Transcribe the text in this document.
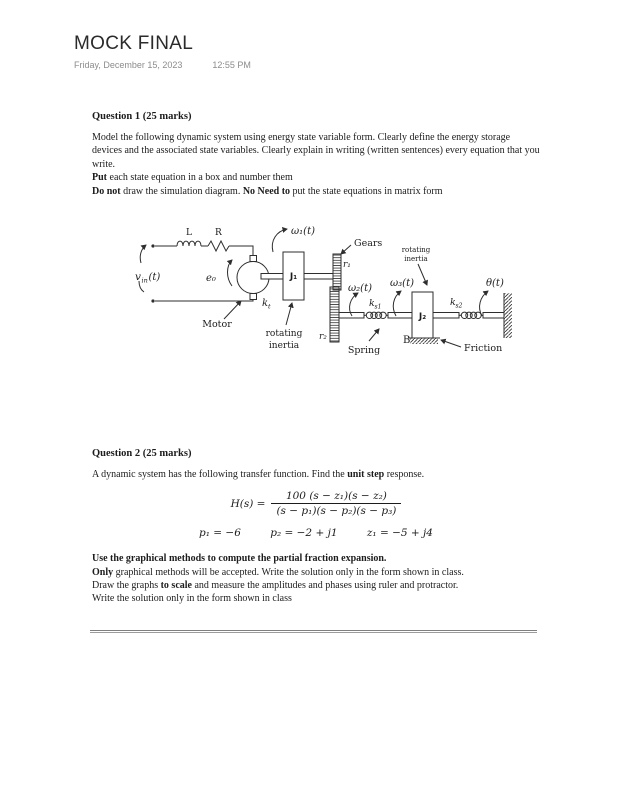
MOCK FINAL
Friday, December 15, 2023	12:55 PM
Question 1 (25 marks)

Model the following dynamic system using energy state variable form. Clearly define the energy storage devices and the associated state variables. Clearly explain in writing (written sentences) every equation that you write.
Put each state equation in a box and number them
Do not draw the simulation diagram. No Need to put the state equations in matrix form

v in (t)
L	R
e₀
Motor
k t
J₁
ω₁(t)
rotating
inertia
Gears
r₁
r₂
ω₂(t)
k s1
Spring
ω₃(t)
J₂
rotating
inertia
B
Friction
k s2
θ(t)
Question 2 (25 marks)

A dynamic system has the following transfer function. Find the unit step response.

$H(s) = \frac{\text{100 (s − z₁)(s − z₂)}}{\text{(s − p₁)(s − p₂)(s − p₃)}}$
p₁ = −6	p₂ = −2 + j1	z₁ = −5 + j4

Use the graphical methods to compute the partial fraction expansion.
Only graphical methods will be accepted. Write the solution only in the form shown in class.
Draw the graphs to scale and measure the amplitudes and phases using ruler and protractor.
Write the solution only in the form shown in class
